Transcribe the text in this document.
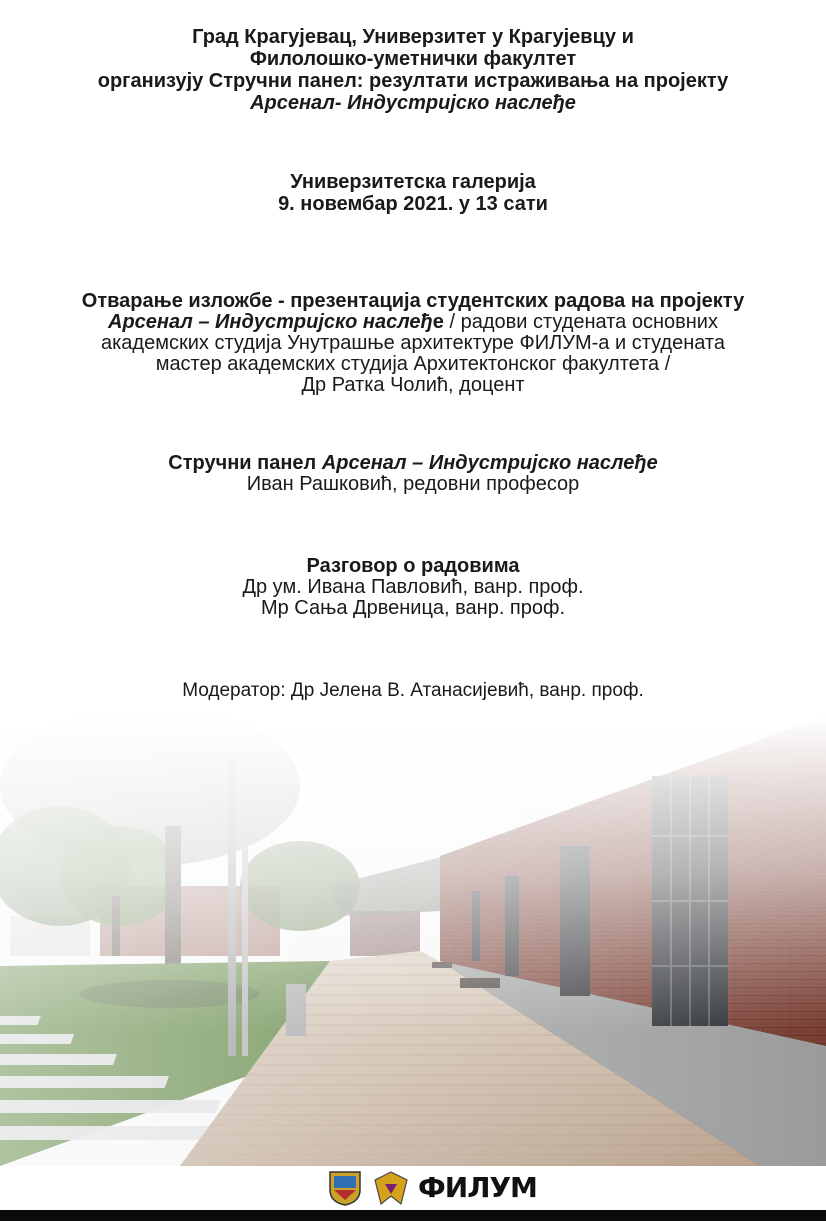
Град Крагујевац, Универзитет у Крагујевцу и
Филолошко-уметнички факултет
организују Стручни панел: резултати истраживања на пројекту
Арсенал- Индустријско наслеђе
Универзитетска галерија
9. новембар 2021. у 13 сати
Отварање изложбе - презентација студентских радова на пројекту
Арсенал – Индустријско наслеђе / радови студената основних
академских студија Унутрашње архитектуре ФИЛУМ-а и студената
мастер академских студија Архитектонског факултета /
Др Ратка Чолић, доцент
Стручни панел Арсенал – Индустријско наслеђе
Иван Рашковић, редовни професор
Разговор о радовима
Др ум. Ивана Павловић, ванр. проф.
Мр Сања Дрвеница, ванр. проф.
Модератор: Др Јелена В. Атанасијевић, ванр. проф.
ФИЛУМ
